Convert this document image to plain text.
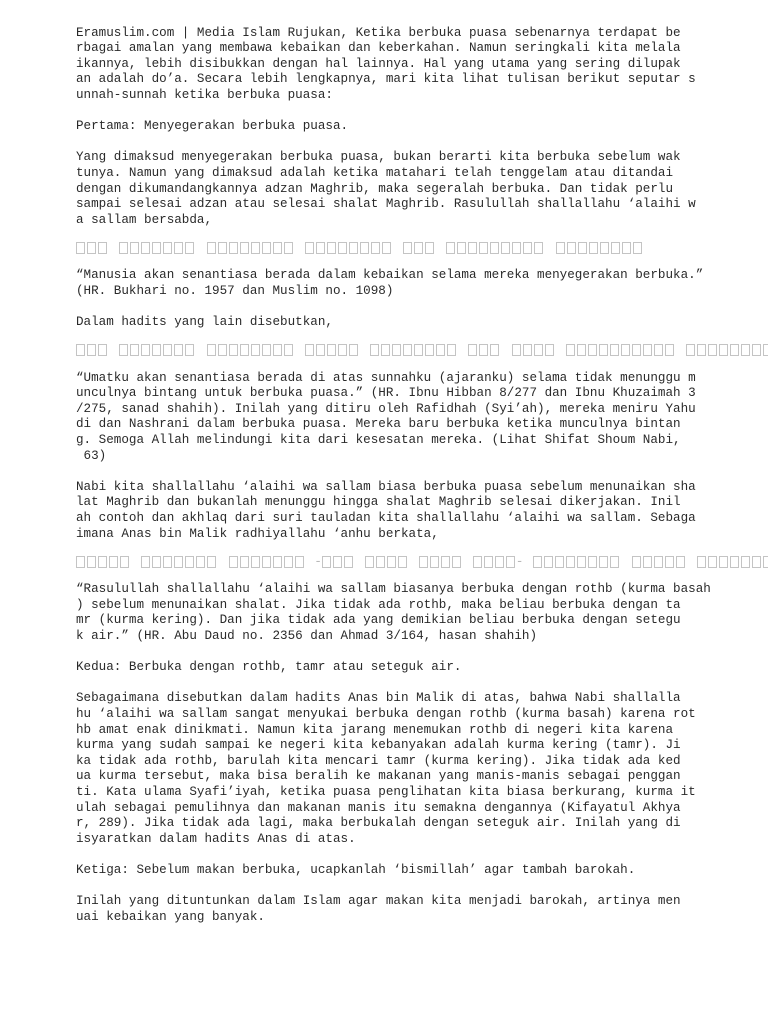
Eramuslim.com | Media Islam Rujukan, Ketika berbuka puasa sebenarnya terdapat be
rbagai amalan yang membawa kebaikan dan keberkahan. Namun seringkali kita melala
ikannya, lebih disibukkan dengan hal lainnya. Hal yang utama yang sering dilupak
an adalah do’a. Secara lebih lengkapnya, mari kita lihat tulisan berikut seputar s
unnah-sunnah ketika berbuka puasa:
Pertama: Menyegerakan berbuka puasa.
Yang dimaksud menyegerakan berbuka puasa, bukan berarti kita berbuka sebelum wak
tunya. Namun yang dimaksud adalah ketika matahari telah tenggelam atau ditandai
dengan dikumandangkannya adzan Maghrib, maka segeralah berbuka. Dan tidak perlu
sampai selesai adzan atau selesai shalat Maghrib. Rasulullah shallallahu ‘alaihi w
a sallam bersabda,

“Manusia akan senantiasa berada dalam kebaikan selama mereka menyegerakan berbuka.”
(HR. Bukhari no. 1957 dan Muslim no. 1098)
Dalam hadits yang lain disebutkan,

“Umatku akan senantiasa berada di atas sunnahku (ajaranku) selama tidak menunggu m
unculnya bintang untuk berbuka puasa.” (HR. Ibnu Hibban 8/277 dan Ibnu Khuzaimah 3
/275, sanad shahih). Inilah yang ditiru oleh Rafidhah (Syi’ah), mereka meniru Yahu
di dan Nashrani dalam berbuka puasa. Mereka baru berbuka ketika munculnya bintan
g. Semoga Allah melindungi kita dari kesesatan mereka. (Lihat Shifat Shoum Nabi,
63)
Nabi kita shallallahu ‘alaihi wa sallam biasa berbuka puasa sebelum menunaikan sha
lat Maghrib dan bukanlah menunggu hingga shalat Maghrib selesai dikerjakan. Inil
ah contoh dan akhlaq dari suri tauladan kita shallallahu ‘alaihi wa sallam. Sebaga
imana Anas bin Malik radhiyallahu ‘anhu berkata,
-	-
“Rasulullah shallallahu ‘alaihi wa sallam biasanya berbuka dengan rothb (kurma basah
) sebelum menunaikan shalat. Jika tidak ada rothb, maka beliau berbuka dengan ta
mr (kurma kering). Dan jika tidak ada yang demikian beliau berbuka dengan setegu
k air.” (HR. Abu Daud no. 2356 dan Ahmad 3/164, hasan shahih)
Kedua: Berbuka dengan rothb, tamr atau seteguk air.
Sebagaimana disebutkan dalam hadits Anas bin Malik di atas, bahwa Nabi shallalla
hu ‘alaihi wa sallam sangat menyukai berbuka dengan rothb (kurma basah) karena rot
hb amat enak dinikmati. Namun kita jarang menemukan rothb di negeri kita karena
kurma yang sudah sampai ke negeri kita kebanyakan adalah kurma kering (tamr). Ji
ka tidak ada rothb, barulah kita mencari tamr (kurma kering). Jika tidak ada ked
ua kurma tersebut, maka bisa beralih ke makanan yang manis-manis sebagai penggan
ti. Kata ulama Syafi’iyah, ketika puasa penglihatan kita biasa berkurang, kurma it
ulah sebagai pemulihnya dan makanan manis itu semakna dengannya (Kifayatul Akhya
r, 289). Jika tidak ada lagi, maka berbukalah dengan seteguk air. Inilah yang di
isyaratkan dalam hadits Anas di atas.
Ketiga: Sebelum makan berbuka, ucapkanlah ‘bismillah’ agar tambah barokah.
Inilah yang dituntunkan dalam Islam agar makan kita menjadi barokah, artinya men
uai kebaikan yang banyak.
